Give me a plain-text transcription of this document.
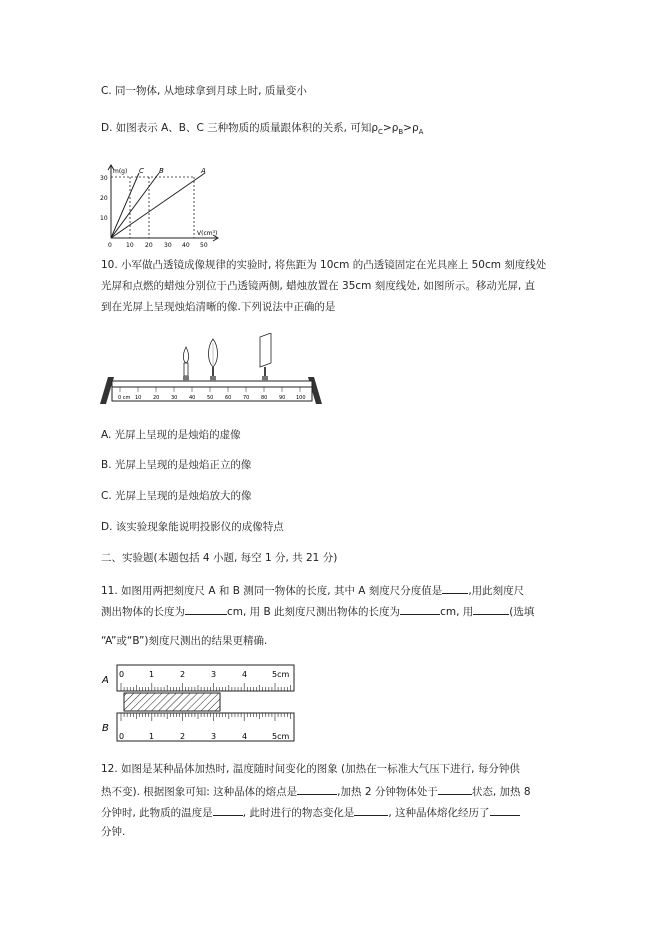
C. 同一物体, 从地球拿到月球上时, 质量变小
D. 如图表示 A、B、C 三种物质的质量跟体积的关系, 可知$\rho_C>\rho_B>\rho_A$
m(g)
V(cm³)
10
20
30
0 10 20 30 40 50
C B	A
10. 小军做凸透镜成像规律的实验时, 将焦距为 10cm 的凸透镜固定在光具座上 50cm 刻度线处
光屏和点燃的蜡烛分别位于凸透镜两侧, 蜡烛放置在 35cm 刻度线处, 如图所示。移动光屏, 直
到在光屏上呈现烛焰清晰的像.下列说法中正确的是
0 cm 10 20 30 40 50 60 70 80 90 100
A. 光屏上呈现的是烛焰的虚像
B. 光屏上呈现的是烛焰正立的像
C. 光屏上呈现的是烛焰放大的像
D. 该实验现象能说明投影仪的成像特点
二、实验题(本题包括 4 小题, 每空 1 分, 共 21 分)
11. 如图用两把刻度尺 A 和 B 测同一物体的长度, 其中 A 刻度尺分度值是 ,用此刻度尺
测出物体的长度为	cm, 用 B 此刻度尺测出物体的长度为	cm, 用	(选填
“A”或“B”)刻度尺测出的结果更精确.
A
0	1	2	3	4	5cm
B
0	1	2	3	4	5cm
12. 如图是某种晶体加热时, 温度随时间变化的图象 (加热在一标准大气压下进行, 每分钟供
热不变). 根据图象可知: 这种晶体的熔点是	,加热 2 分钟物体处于	状态, 加热 8
分钟时, 此物质的温度是	, 此时进行的物态变化是	, 这种晶体熔化经历了
分钟.
